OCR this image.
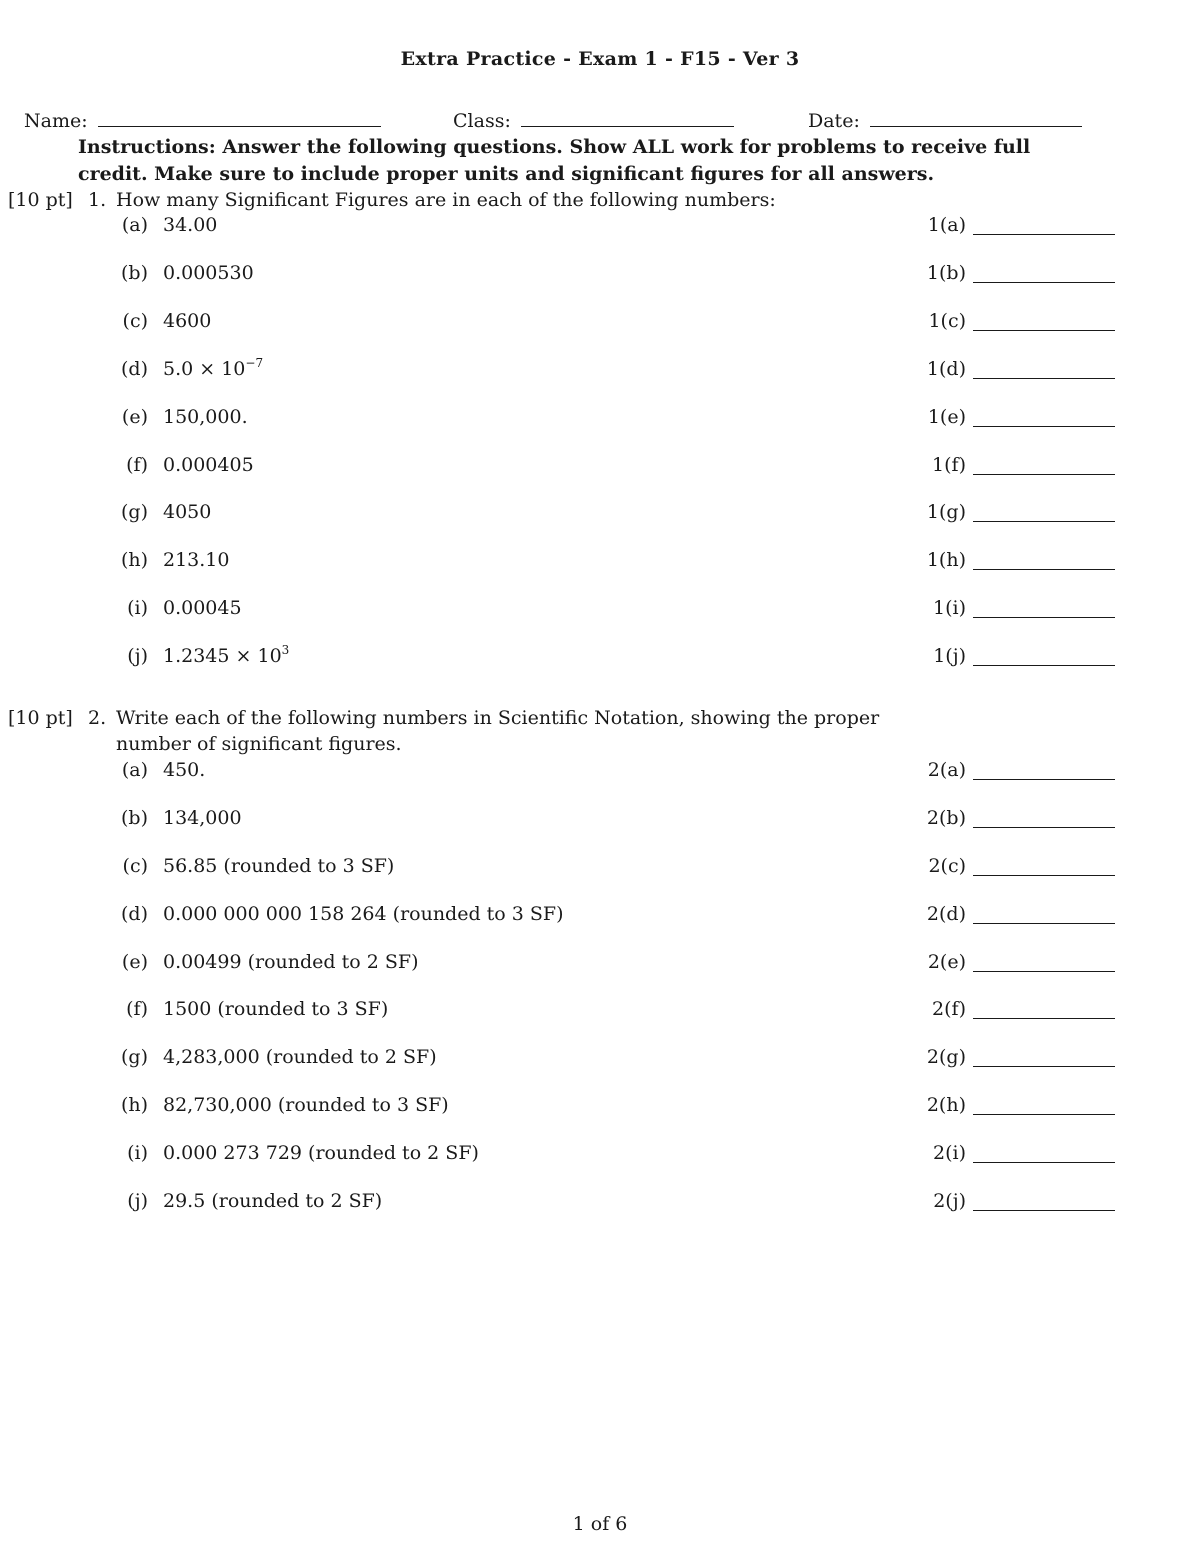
Extra Practice - Exam 1 - F15 - Ver 3
Name:	Class:	Date:
Instructions: Answer the following questions. Show ALL work for problems to receive full credit. Make sure to include proper units and significant figures for all answers.
[10 pt] 1. How many Significant Figures are in each of the following numbers:
(a) 34.00	1(a)
(b) 0.000530	1(b)
(c) 4600	1(c)
(d) $5.0 \times 10^{-7}$	1(d)
(e) 150,000.	1(e)
(f) 0.000405	1(f)
(g) 4050	1(g)
(h) 213.10	1(h)
(i) 0.00045	1(i)
(j) $1.2345 \times 10^3$	1(j)
[10 pt] 2. Write each of the following numbers in Scientific Notation, showing the proper number of significant figures.
(a) 450.	2(a)
(b) 134,000	2(b)
(c) 56.85 (rounded to 3 SF)	2(c)
(d) 0.000 000 000 158 264 (rounded to 3 SF)	2(d)
(e) 0.00499 (rounded to 2 SF)	2(e)
(f) 1500 (rounded to 3 SF)	2(f)
(g) 4,283,000 (rounded to 2 SF)	2(g)
(h) 82,730,000 (rounded to 3 SF)	2(h)
(i) 0.000 273 729 (rounded to 2 SF)	2(i)
(j) 29.5 (rounded to 2 SF)	2(j)
1 of 6
